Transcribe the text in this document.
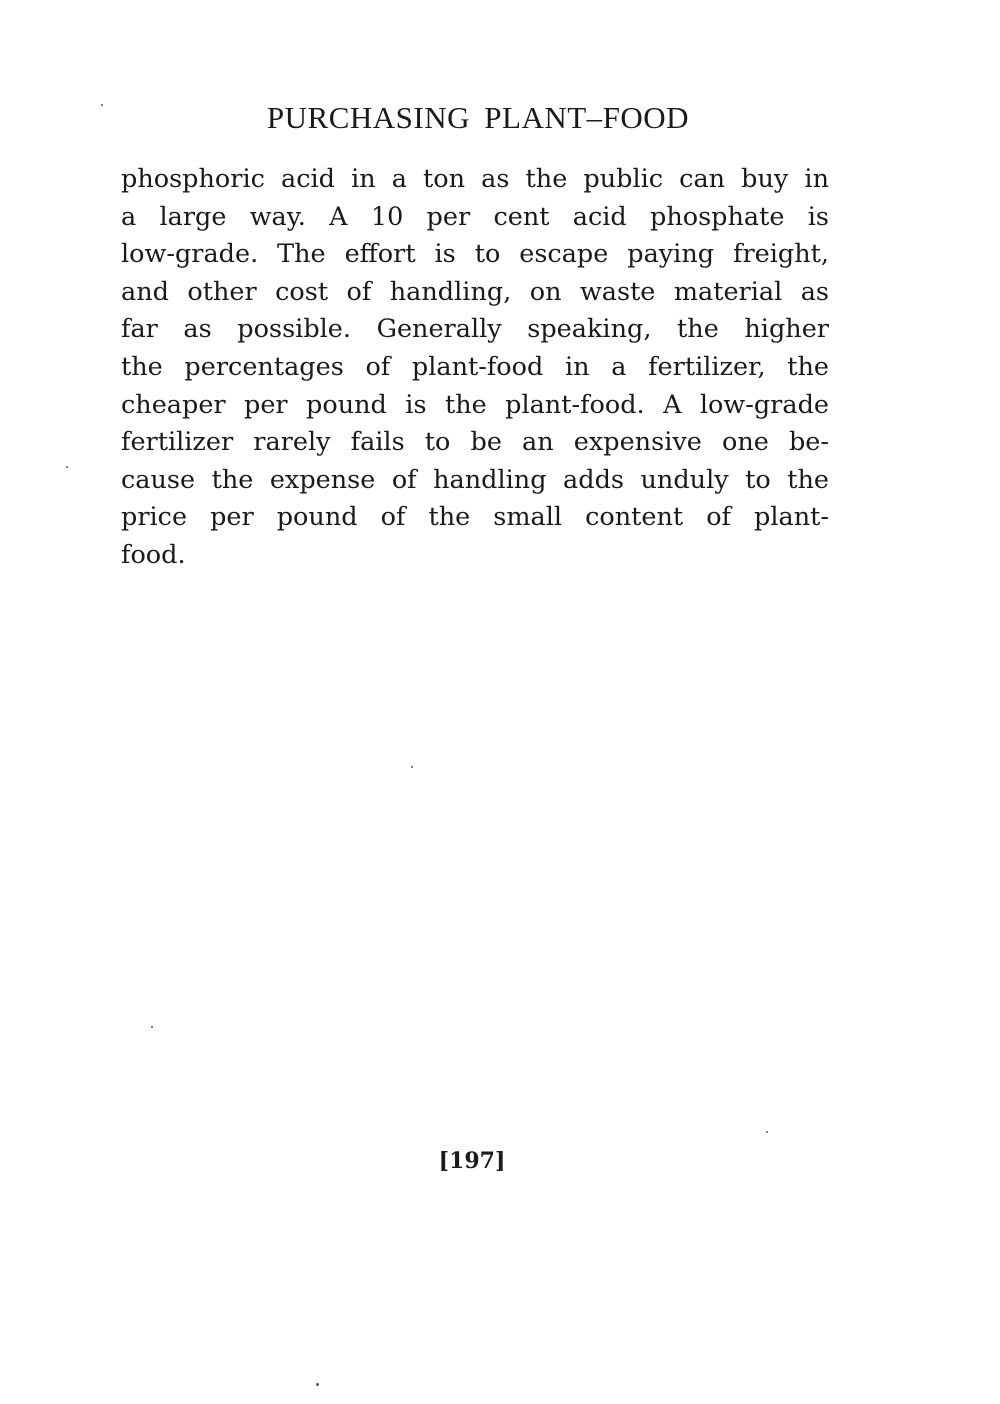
PURCHASING PLANT–FOOD
phosphoric acid in a ton as the public can buy in
a large way. A 10 per cent acid phosphate is
low-grade. The effort is to escape paying freight,
and other cost of handling, on waste material as
far as possible. Generally speaking, the higher
the percentages of plant-food in a fertilizer, the
cheaper per pound is the plant-food. A low-grade
fertilizer rarely fails to be an expensive one be-
cause the expense of handling adds unduly to the
price per pound of the small content of plant-
food.
[197]
